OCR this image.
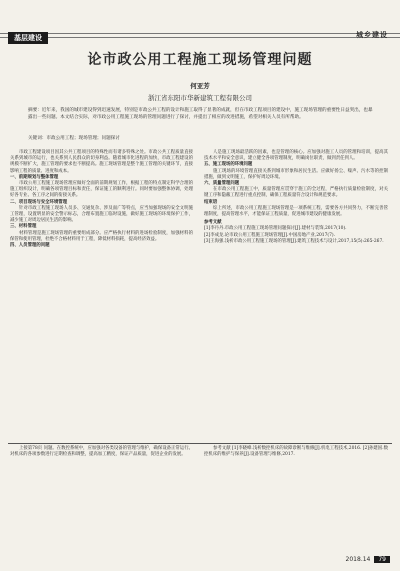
基层建设	城乡建设
论市政公用工程施工现场管理问题
何亚芳
浙江省东阳市华新建筑工程有限公司
摘要：近年来，我国的城市建设得到迅速发展，特别是市政公共工程的设计和施工取得了显著的成就，但在市政工程项目的建设中，施工现场管理的重要性日益突出，也暴露出一些问题。本文结合实际，对市政公用工程施工现场的管理问题进行了探讨，并提出了相应的改进措施，希望对相关人员有所帮助。
关键词：市政公用工程；现场管理；问题探讨

市政工程建设项目因其公共工程项目的特殊性而有诸多特殊之处。市政公共工程质量直接关系到城市的运行，也关系到人民群众的切身利益。随着城市化进程的加快，市政工程建设的规模不断扩大，施工管理的要求也不断提高。施工现场管理是整个施工管理的关键环节，直接影响工程的质量、进度和成本。

一、前期规划与整体管理

市政公用工程施工现场管理应做好全面的前期规划工作，根据工程的特点制定科学合理的施工组织设计，明确各项管理目标和责任，保证施工的顺利进行。同时要加强整体协调，处理好各专业、各工序之间的衔接关系。

二、项目现场与安全环境管理

针对市政工程施工现场人员多、交通复杂、涉及面广等特点，应当加强现场的安全文明施工管理，设置明显的安全警示标志，合理布置施工临时设施，做好施工现场的环境保护工作，减少施工对周边居民生活的影响。

三、材料管理

材料管理是施工现场管理的重要组成部分。应严格执行材料的进场检验制度，加强材料的保管和使用管理，杜绝不合格材料用于工程，降低材料损耗，提高经济效益。

四、人员管理的问题

人是施工现场最活跃的因素，也是管理的核心。应加强对施工人员的管理和培训，提高其技术水平和安全意识，建立健全各项管理制度，明确岗位职责，做到责任到人。

五、施工现场的环境问题

施工现场的环境管理直接关系到城市形象和居民生活。应做好扬尘、噪声、污水等的控制措施，做到文明施工，保护好周边环境。

六、质量管理问题

在市政公用工程施工中，质量管理应贯穿于施工的全过程，严格执行质量检验制度，对关键工序和隐蔽工程进行重点控制，确保工程质量符合设计和规范要求。

结束语

综上所述，市政公用工程施工现场管理是一项系统工程，需要各方共同努力，不断完善管理制度，提高管理水平，才能保证工程质量，促进城市建设的健康发展。

参考文献

[1]李丹丹.市政公用工程施工现场管理问题探讨[J].建材与装饰,2017(10).

[2]李成龙.论市政公用工程施工现场管理[J].中国房地产业,2017(7).

[3]王海强.浅析市政公用工程施工现场的管理[J].建筑工程技术与设计,2017,15(5):265-267.

上接第78页 问题。在数控系统中，应加强对各类设备的管理与维护，确保设备正常运行。对机床的各项参数进行定期检查和调整，提高加工精度，保证产品质量，促进企业的发展。

参考文献 [1]李晓峰.浅析数控机床的故障诊断与维修[J].机电工程技术,2016. [2]孙建国.数控机床的维护与保养[J].设备管理与维修,2017.

2018.14 79
